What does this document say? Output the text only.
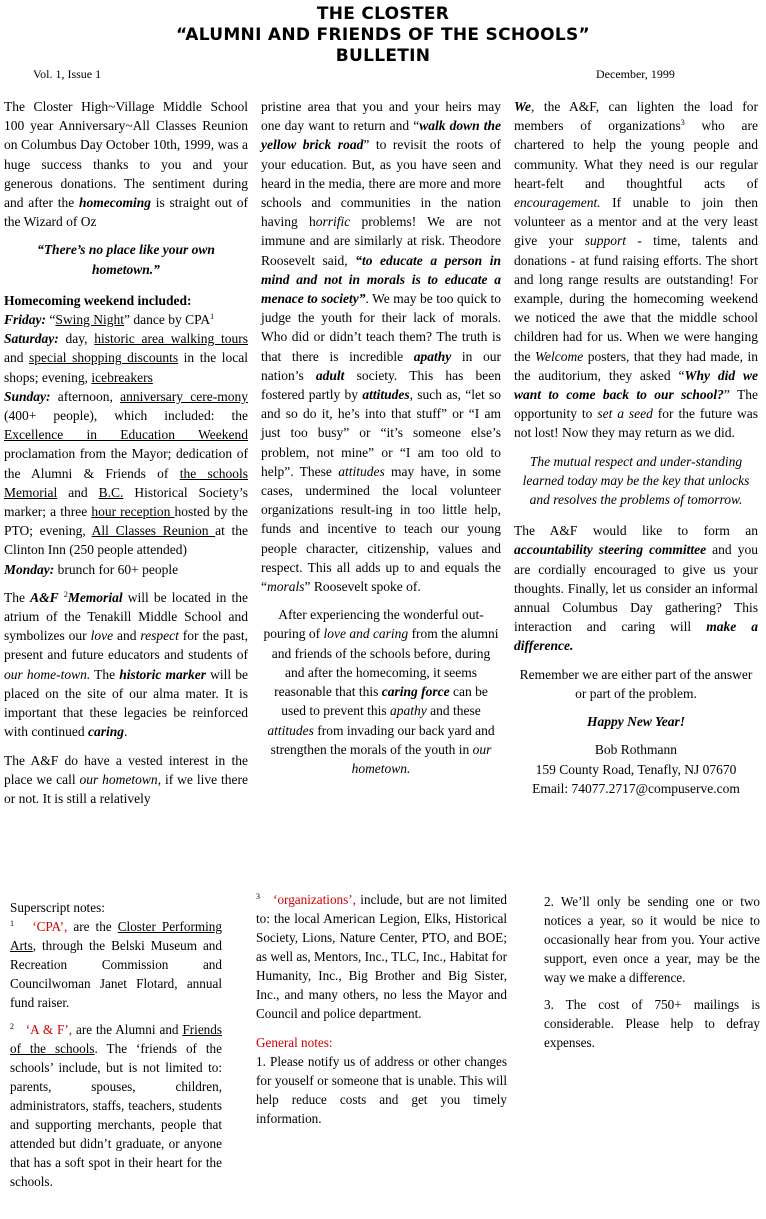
THE CLOSTER
“ALUMNI AND FRIENDS OF THE SCHOOLS”
BULLETIN
Vol. 1, Issue 1	December, 1999

The Closter High~Village Middle School 100 year Anniversary~All Classes Reunion on Columbus Day October 10th, 1999, was a huge success thanks to you and your generous donations. The sentiment during and after the homecoming is straight out of the Wizard of Oz

“There’s no place like your own hometown.”

Homecoming weekend included:
Friday: “Swing Night” dance by CPA$^1$
Saturday: day, historic area walking tours and special shopping discounts in the local shops; evening, icebreakers
Sunday: afternoon, anniversary cere-mony (400+ people), which included: the Excellence in Education Weekend proclamation from the Mayor; dedication of the Alumni & Friends of the schools Memorial and B.C. Historical Society’s marker; a three hour reception hosted by the PTO; evening, All Classes Reunion at the Clinton Inn (250 people attended)
Monday: brunch for 60+ people

The A&F $^2$Memorial will be located in the atrium of the Tenakill Middle School and symbolizes our love and respect for the past, present and future educators and students of our home-town. The historic marker will be placed on the site of our alma mater. It is important that these legacies be reinforced with continued caring.

The A&F do have a vested interest in the place we call our hometown, if we live there or not. It is still a relatively

pristine area that you and your heirs may one day want to return and “walk down the yellow brick road” to revisit the roots of your education. But, as you have seen and heard in the media, there are more and more schools and communities in the nation having horrific problems! We are not immune and are similarly at risk. Theodore Roosevelt said, “to educate a person in mind and not in morals is to educate a menace to society”. We may be too quick to judge the youth for their lack of morals. Who did or didn’t teach them? The truth is that there is incredible apathy in our nation’s adult society. This has been fostered partly by attitudes, such as, “let so and so do it, he’s into that stuff” or “I am just too busy” or “it’s someone else’s problem, not mine” or “I am too old to help”. These attitudes may have, in some cases, undermined the local volunteer organizations result-ing in too little help, funds and incentive to teach our young people character, citizenship, values and respect. This all adds up to and equals the “morals” Roosevelt spoke of.

After experiencing the wonderful out-pouring of love and caring from the alumni and friends of the schools before, during and after the homecoming, it seems reasonable that this caring force can be used to prevent this apathy and these attitudes from invading our back yard and strengthen the morals of the youth in our hometown.

We, the A&F, can lighten the load for members of organizations$^3$ who are chartered to help the young people and community. What they need is our regular heart-felt and thoughtful acts of encouragement. If unable to join then volunteer as a mentor and at the very least give your support - time, talents and donations - at fund raising efforts. The short and long range results are outstanding! For example, during the homecoming weekend we noticed the awe that the middle school children had for us. When we were hanging the Welcome posters, that they had made, in the auditorium, they asked “Why did we want to come back to our school?” The opportunity to set a seed for the future was not lost! Now they may return as we did.

The mutual respect and under-standing learned today may be the key that unlocks and resolves the problems of tomorrow.

The A&F would like to form an accountability steering committee and you are cordially encouraged to give us your thoughts. Finally, let us consider an informal annual Columbus Day gathering? This interaction and caring will make a difference.

Remember we are either part of the answer or part of the problem.

Happy New Year!

Bob Rothmann
159 County Road, Tenafly, NJ 07670
Email: 74077.2717@compuserve.com
Superscript notes:

$^1$ ‘CPA’, are the Closter Performing Arts, through the Belski Museum and Recreation Commission and Councilwoman Janet Flotard, annual fund raiser.

$^2$ ‘A & F’, are the Alumni and Friends of the schools. The ‘friends of the schools’ include, but is not limited to: parents, spouses, children, administrators, staffs, teachers, students and supporting merchants, people that attended but didn’t graduate, or anyone that has a soft spot in their heart for the schools.

$^3$ ‘organizations’, include, but are not limited to: the local American Legion, Elks, Historical Society, Lions, Nature Center, PTO, and BOE; as well as, Mentors, Inc., TLC, Inc., Habitat for Humanity, Inc., Big Brother and Big Sister, Inc., and many others, no less the Mayor and Council and police department.

General notes:

1. Please notify us of address or other changes for youself or someone that is unable. This will help reduce costs and get you timely information.

2. We’ll only be sending one or two notices a year, so it would be nice to occasionally hear from you. Your active support, even once a year, may be the way we make a difference.

3. The cost of 750+ mailings is considerable. Please help to defray expenses.
